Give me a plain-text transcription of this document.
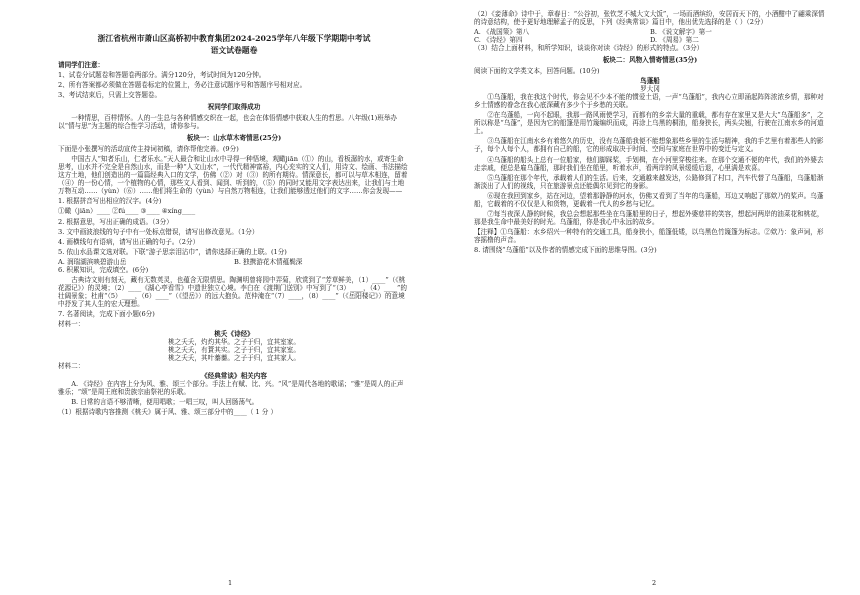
浙江省杭州市萧山区高桥初中教育集团2024-2025学年八年级下学期期中考试
语文试卷题卷
请同学们注意：

1、试卷分试题卷和答题卷两部分。满分120分，考试时间为120分钟。

2、所有答案都必须做在答题卷标定的位置上，务必注意试题序号和答题序号相对应。

3、考试结束后，只需上交答题卷。

祝同学们取得成功

一种情思，百样情怀。人的一生总与各种情感交织在一起，也会在体悟情感中获取人生的哲思。八年级(1)班举办以“情与思”为主题的综合性学习活动，请你参与。

板块一：山水草木寄情思(25分)

下面是小张撰写的活动宣传主持词初稿，请你帮他完善。(9分)

中国古人“知者乐山，仁者乐水。”天人最合和让山水中寻得一种悟境，观瞰jiān（①）的山，看板潺的水，或寄生命思考，山水并不完全是自然山水，而是一种“人文山水”，一代代精神富裕，内心充实的文人们，用诗文、绘画、书法描绘这方土地，他们创造出的一篇篇经典入口的文学，仿佛（②）对（③）的所有期待。情深意长，都可以与草木相连，留着（④）的一份心情，一个植物的心情，那些文人看到、闻到、听到的，（⑤）的同时又能用文字表达出来，让我们与土地万物互动……（yùn）（⑥）……他们将生命的（yùn）与自然万物相连，让我们能够透过他们的文字……你会发现——

1. 根据拼音写出相应的汉字。(4分)

①瞰（jiān）____ ②fú____ ③____ ④xíng____

2. 根据意思，写出正确的成语。（3分）

3. 文中画波浪线的句子中有一处标点错误，请写出修改意见。（1分）

4. 画横线句有语病，请写出正确的句子。（2分）

5. 依山水品课文选对联。下联“游子思亲泪沾巾”，请你选择正确的上联。(1分)

A. 润瑞湖滨映碧游山岳	B. 独携游花木情蕴鬓深

6. 积累知识，完成填空。(6分)

古典诗文则有刻天，藏有无数英灵，也蕴含无限情思。陶渊明曾将园中弄菊，欣赏到了“芳草鲜美，（1）____”（《桃花源记》）的灵境；（2）____《湖心亭看雪》中遗世独立心境。李白在《渡荆门送别》中写到了“（3）____，（4）____”的壮阔景象；杜甫“（5）____，（6）____”（《望岳》）的远大抱负。范仲淹在“（7）____，（8）____”（《岳阳楼记》）的意境中抒发了其人生的宏大理想。

7. 名著阅读，完成下面小题(6分)

材料一：

桃夭《诗经》
桃之夭夭，灼灼其华。之子于归，宜其室家。
桃之夭夭，有蕡其实。之子于归，宜其家室。
桃之夭夭，其叶蓁蓁。之子于归，宜其家人。

材料二：

《经典常谈》相关内容

A. 《诗经》在内容上分为风、雅、颂三个部分。手法上有赋、比、兴。“风”是周代各地的歌谣；“雅”是周人的正声雅乐；“颂”是周王庭和贵族宗庙祭祀的乐歌。

B. 日常的言语不够清晰，便用唱歌；一唱三叹，叫人回肠荡气。

（1）根据诗歌内容推测《桃夭》属于风、雅、颂三部分中的____（ 1 分 ）

1

（2）《妾薄命》诗中于，章春日：“公谷初，张钦芝不城大文大饭”，一场而酒缤纷，安居而天下的，小酒酣中了翩乘深情的诗意结构，使予更好地理解孟子的反思，下列《经典常谈》篇目中，他出优先选择的是（ ）（2分）

A. 《战国策》第八	B. 《说文解字》第一
C. 《诗经》第四	D. 《周易》第二

（3）结合上面材料，和所学知识，谈谈你对读《诗经》的形式的特点。（3分）

板块二：风物入情寄情思(35分)

阅读下面的文学类文本，回答问题。(10分)

鸟蓬船
罗大冈

①乌蓬船，我在我这个时代，你会见不少本不能的惯爱土语，一声“乌蓬船”，我内心立即涌起阵阵浓浓乡情，那种对乡土情感的眷念在我心底深藏有多少个于乡愁的关联。

②在乌蓬船，一向不起眼，我那一路风雨使学习，而都有的乡亲大量的重载，都有存在家里又是大大“乌蓬船多”，之所以称是“乌蓬”，是因为它的船篷是用竹篾编织而成，再涂上乌黑的桐油，船身狭长，两头尖翘，行驶在江南水乡的河道上。

③乌蓬船在江南水乡有着悠久的历史，没有乌蓬船我便不能想象那些乡里的生活与精神，我的手艺里有着那些人的影子，每个人每个人，都拥有自己的船，它的形成取决于时间、空间与家庭在世界中的变迁与定义。

④乌蓬船的船头上总有一位船家，他们脚踩桨，手划楫，在小河里穿梭往来。在那个交通不便的年代，我们的外婆去走亲戚，便总是雇乌蓬船，那时我们坐在船里，听着水声，看两岸的风景缓缓后退，心里满是欢喜。

⑤乌蓬船在那个年代，承载着人们的生活。后来，交通越来越发达，公路修到了村口，汽车代替了乌蓬船，乌蓬船渐渐淡出了人们的视线，只在旅游景点还能偶尔见到它的身影。

⑥现在我回到家乡，站在河边，望着那静静的河水，仿佛又看到了当年的乌蓬船，耳边又响起了那欸乃的桨声。乌蓬船，它载着的不仅仅是人和货物，更载着一代人的乡愁与记忆。

⑦每当夜深人静的时候，我总会想起那些坐在乌蓬船里的日子，想起外婆慈祥的笑容，想起河两岸的油菜花和桃花，那是我生命中最美好的时光。乌蓬船，你是我心中永远的故乡。

【注释】①乌蓬船：水乡绍兴一种特有的交通工具，船身狭小，船篷低矮，以乌黑色竹篾篷为标志。②欸乃：象声词，形容摇橹的声音。

8. 请围绕“乌蓬船”以及作者的情感完成下面的思维导图。(3分)

2
